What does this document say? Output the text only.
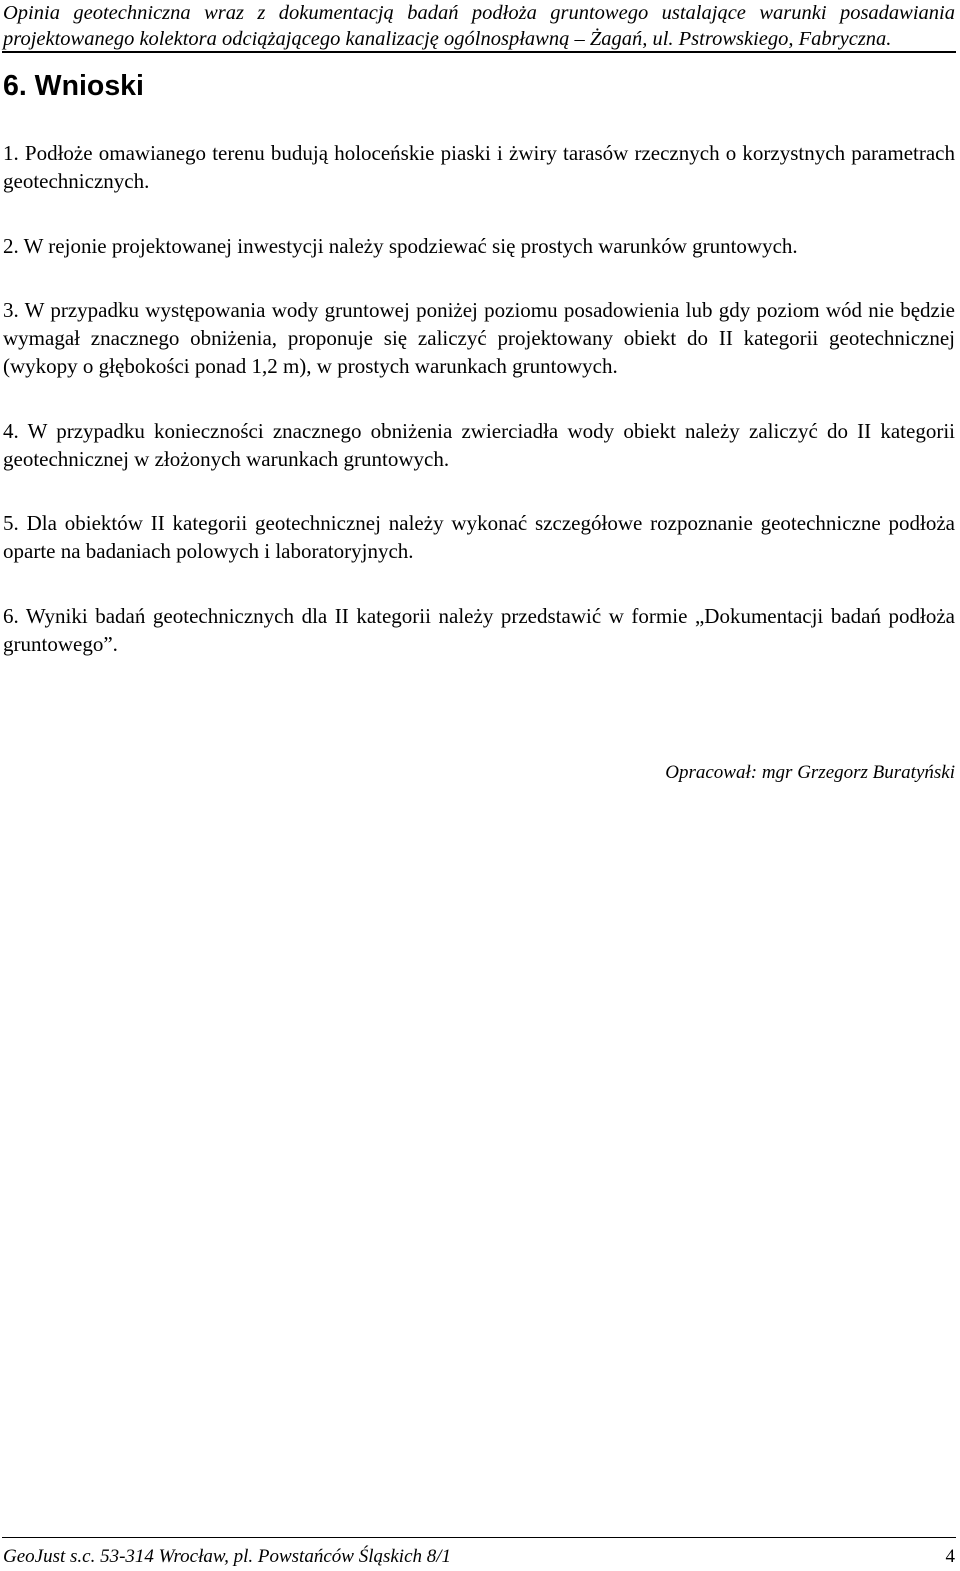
Opinia geotechniczna wraz z dokumentacją badań podłoża gruntowego ustalające warunki posadawiania
projektowanego kolektora odciążającego kanalizację ogólnospławną – Żagań, ul. Pstrowskiego, Fabryczna.
6. Wnioski
1. Podłoże omawianego terenu budują holoceńskie piaski i żwiry tarasów rzecznych o korzystnych parametrach geotechnicznych.
2. W rejonie projektowanej inwestycji należy spodziewać się prostych warunków gruntowych.
3. W przypadku występowania wody gruntowej poniżej poziomu posadowienia lub gdy poziom wód nie będzie wymagał znacznego obniżenia, proponuje się zaliczyć projektowany obiekt do II kategorii geotechnicznej (wykopy o głębokości ponad 1,2 m), w prostych warunkach gruntowych.
4. W przypadku konieczności znacznego obniżenia zwierciadła wody obiekt należy zaliczyć do II kategorii geotechnicznej w złożonych warunkach gruntowych.
5. Dla obiektów II kategorii geotechnicznej należy wykonać szczegółowe rozpoznanie geotechniczne podłoża oparte na badaniach polowych i laboratoryjnych.
6. Wyniki badań geotechnicznych dla II kategorii należy przedstawić w formie „Dokumentacji badań podłoża gruntowego”.
Opracował: mgr Grzegorz Buratyński
GeoJust s.c. 53-314 Wrocław, pl. Powstańców Śląskich 8/1	4
